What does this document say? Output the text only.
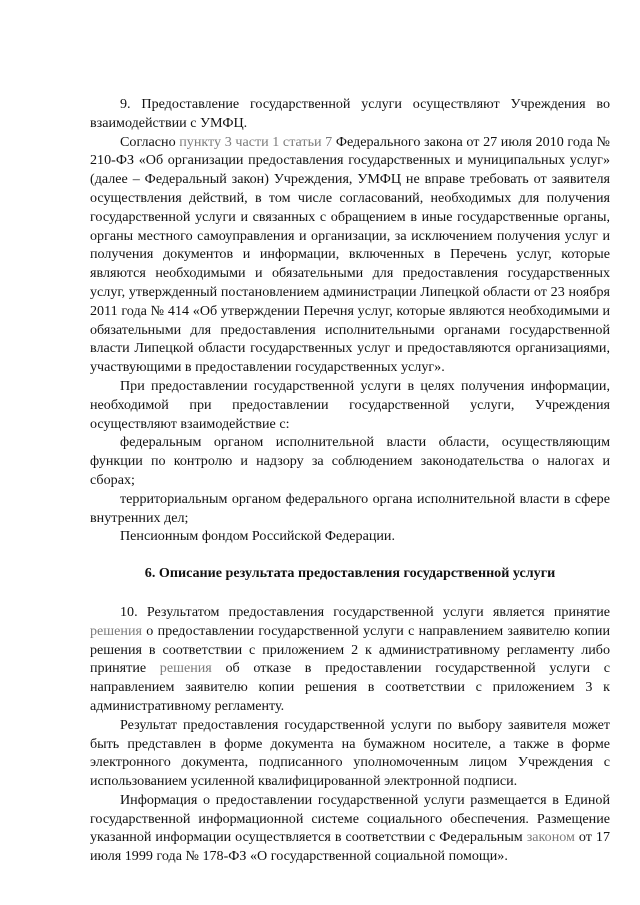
9. Предоставление государственной услуги осуществляют Учреждения во взаимодействии с УМФЦ.

Согласно пункту 3 части 1 статьи 7 Федерального закона от 27 июля 2010 года № 210-ФЗ «Об организации предоставления государственных и муниципальных услуг» (далее – Федеральный закон) Учреждения, УМФЦ не вправе требовать от заявителя осуществления действий, в том числе согласований, необходимых для получения государственной услуги и связанных с обращением в иные государственные органы, органы местного самоуправления и организации, за исключением получения услуг и получения документов и информации, включенных в Перечень услуг, которые являются необходимыми и обязательными для предоставления государственных услуг, утвержденный постановлением администрации Липецкой области от 23 ноября 2011 года № 414 «Об утверждении Перечня услуг, которые являются необходимыми и обязательными для предоставления исполнительными органами государственной власти Липецкой области государственных услуг и предоставляются организациями, участвующими в предоставлении государственных услуг».

При предоставлении государственной услуги в целях получения информации, необходимой при предоставлении государственной услуги, Учреждения осуществляют взаимодействие с:

федеральным органом исполнительной власти области, осуществляющим функции по контролю и надзору за соблюдением законодательства о налогах и сборах;

территориальным органом федерального органа исполнительной власти в сфере внутренних дел;

Пенсионным фондом Российской Федерации.

6. Описание результата предоставления государственной услуги

10. Результатом предоставления государственной услуги является принятие решения о предоставлении государственной услуги с направлением заявителю копии решения в соответствии с приложением 2 к административному регламенту либо принятие решения об отказе в предоставлении государственной услуги с направлением заявителю копии решения в соответствии с приложением 3 к административному регламенту.

Результат предоставления государственной услуги по выбору заявителя может быть представлен в форме документа на бумажном носителе, а также в форме электронного документа, подписанного уполномоченным лицом Учреждения с использованием усиленной квалифицированной электронной подписи.

Информация о предоставлении государственной услуги размещается в Единой государственной информационной системе социального обеспечения. Размещение указанной информации осуществляется в соответствии с Федеральным законом от 17 июля 1999 года № 178-ФЗ «О государственной социальной помощи».
